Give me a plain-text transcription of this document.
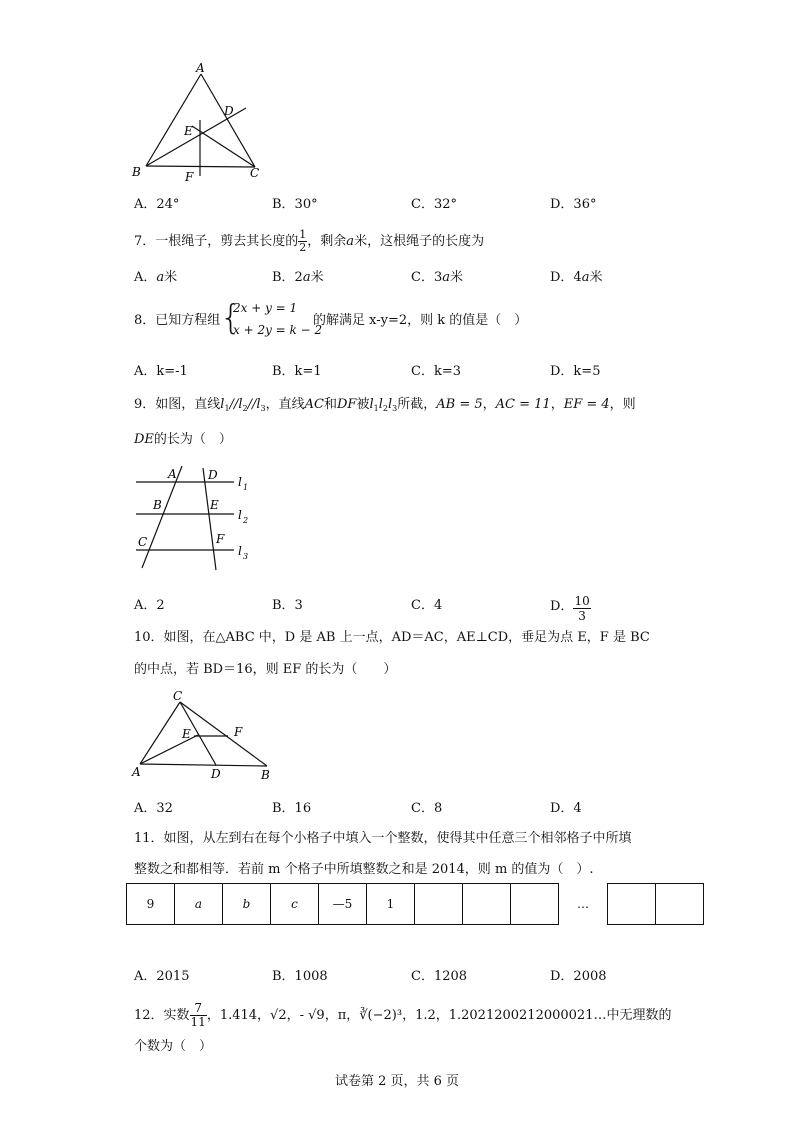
A
D
E
B	F	C
A．24°	B．30°	C．32°	D．36°
7．一根绳子，剪去其长度的 $\frac{1}{2}$ ，剩余a米，这根绳子的长度为
A．a米	B．2a米	C．3a米	D．4a米
8．已知方程组 {
2x + y = 1
x + 2y = k − 2
的解满足 x-y=2，则 k 的值是（　）
A．k=-1	B．k=1	C．k=3	D．k=5
9．如图，直线$l_1//l_2//l_3$，直线AC和DF被$l_1l_2l_3$所截，AB = 5，AC = 11，EF = 4，则
DE的长为（　）
A	D l 1
B	E
l 2
C	F
l 3
A．2	B．3	C．4	D． $\frac{10}{3}$
10．如图，在△ABC 中，D 是 AB 上一点，AD＝AC，AE⊥CD，垂足为点 E，F 是 BC
的中点，若 BD＝16，则 EF 的长为（　　）
C
E	F
A	D	B
A．32	B．16	C．8	D．4
11．如图，从左到右在每个小格子中填入一个整数，使得其中任意三个相邻格子中所填
整数之和都相等．若前 m 个格子中所填整数之和是 2014，则 m 的值为（　）.
9	a	b	c	—5	1				…		
A．2015	B．1008	C．1208	D．2008
12．实数 $\frac{7}{11}$ ，1.414，√2，- √9，π，∛(−2)³，1.2，1.2021200212000021…中无理数的
个数为（　）
试卷第 2 页，共 6 页
